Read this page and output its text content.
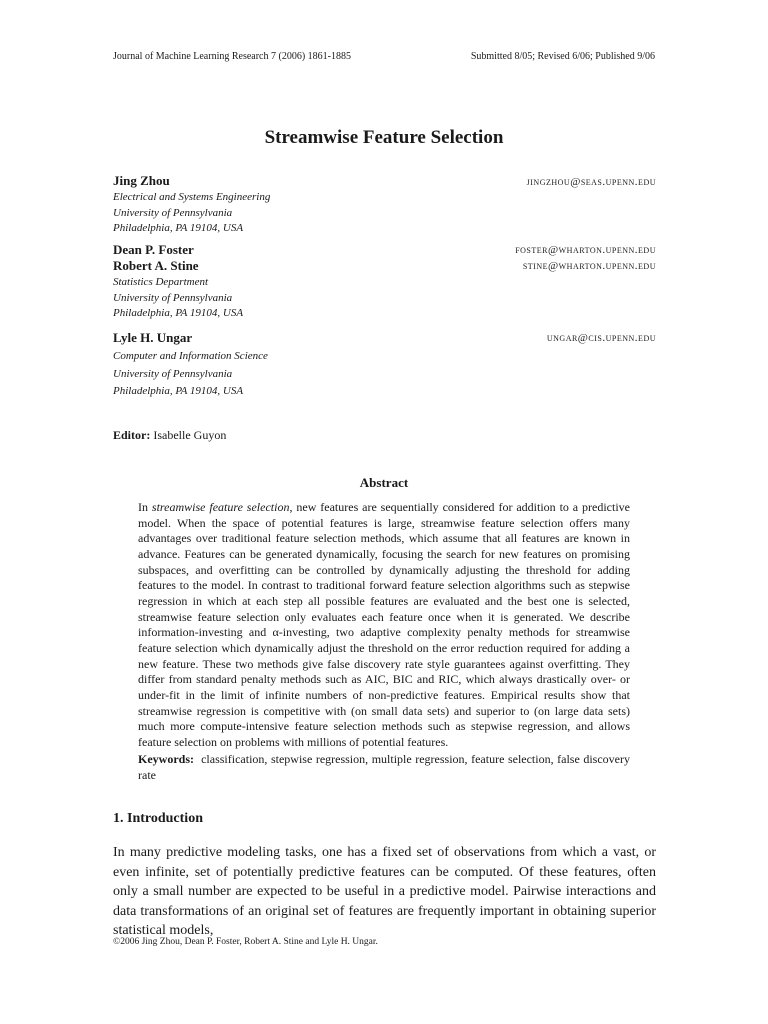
Journal of Machine Learning Research 7 (2006) 1861-1885	Submitted 8/05; Revised 6/06; Published 9/06
Streamwise Feature Selection
Jing Zhou	jingzhou@seas.upenn.edu
Electrical and Systems Engineering
University of Pennsylvania
Philadelphia, PA 19104, USA
Dean P. Foster	foster@wharton.upenn.edu
Robert A. Stine	stine@wharton.upenn.edu
Statistics Department
University of Pennsylvania
Philadelphia, PA 19104, USA
Lyle H. Ungar	ungar@cis.upenn.edu
Computer and Information Science
University of Pennsylvania
Philadelphia, PA 19104, USA
Editor: Isabelle Guyon
Abstract
In streamwise feature selection, new features are sequentially considered for addition to a predictive model. When the space of potential features is large, streamwise feature selection offers many advantages over traditional feature selection methods, which assume that all features are known in advance. Features can be generated dynamically, focusing the search for new features on promising subspaces, and overfitting can be controlled by dynamically adjusting the threshold for adding features to the model. In contrast to traditional forward feature selection algorithms such as stepwise regression in which at each step all possible features are evaluated and the best one is selected, streamwise feature selection only evaluates each feature once when it is generated. We describe information-investing and α-investing, two adaptive complexity penalty methods for streamwise feature selection which dynamically adjust the threshold on the error reduction required for adding a new feature. These two methods give false discovery rate style guarantees against overfitting. They differ from standard penalty methods such as AIC, BIC and RIC, which always drastically over- or under-fit in the limit of infinite numbers of non-predictive features. Empirical results show that streamwise regression is competitive with (on small data sets) and superior to (on large data sets) much more compute-intensive feature selection methods such as stepwise regression, and allows feature selection on problems with millions of potential features.
Keywords: classification, stepwise regression, multiple regression, feature selection, false discovery rate
1. Introduction
In many predictive modeling tasks, one has a fixed set of observations from which a vast, or even infinite, set of potentially predictive features can be computed. Of these features, often only a small number are expected to be useful in a predictive model. Pairwise interactions and data transformations of an original set of features are frequently important in obtaining superior statistical models,
©2006 Jing Zhou, Dean P. Foster, Robert A. Stine and Lyle H. Ungar.
